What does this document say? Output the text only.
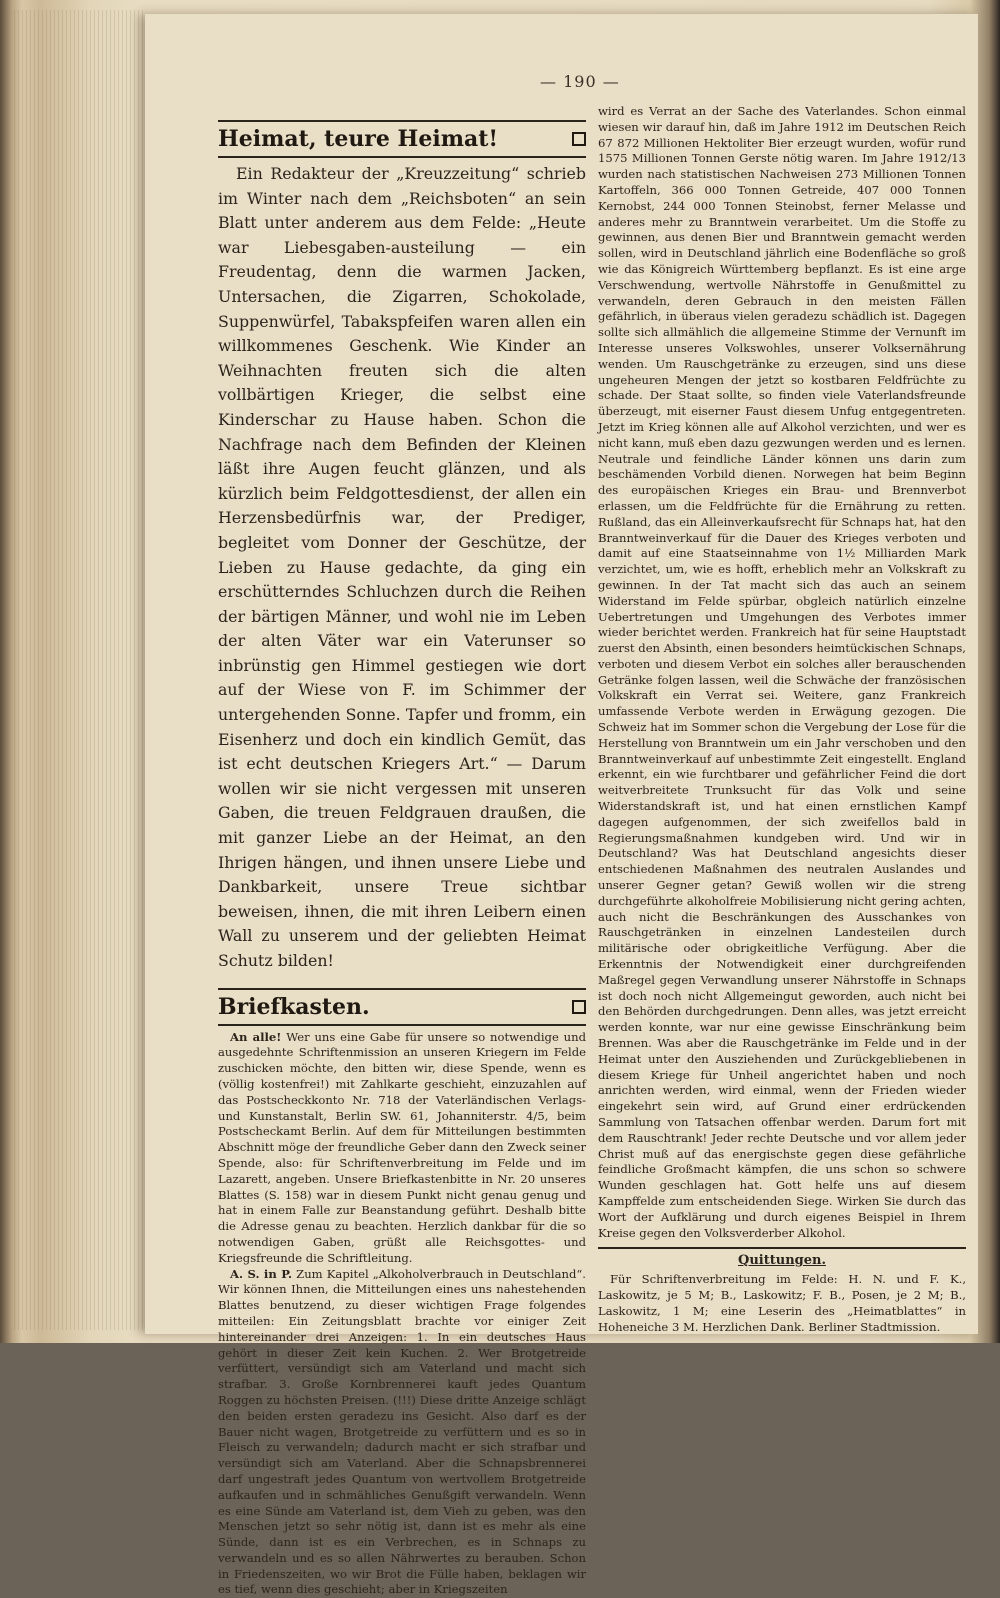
— 190 —
Heimat, teure Heimat!

Ein Redakteur der „Kreuzzeitung“ schrieb im Winter nach dem „Reichsboten“ an sein Blatt unter anderem aus dem Felde: „Heute war Liebesgaben-austeilung — ein Freudentag, denn die warmen Jacken, Untersachen, die Zigarren, Schokolade, Suppenwürfel, Tabakspfeifen waren allen ein willkommenes Geschenk. Wie Kinder an Weihnachten freuten sich die alten vollbärtigen Krieger, die selbst eine Kinderschar zu Hause haben. Schon die Nachfrage nach dem Befinden der Kleinen läßt ihre Augen feucht glänzen, und als kürzlich beim Feldgottesdienst, der allen ein Herzensbedürfnis war, der Prediger, begleitet vom Donner der Geschütze, der Lieben zu Hause gedachte, da ging ein erschütterndes Schluchzen durch die Reihen der bärtigen Männer, und wohl nie im Leben der alten Väter war ein Vaterunser so inbrünstig gen Himmel gestiegen wie dort auf der Wiese von F. im Schimmer der untergehenden Sonne. Tapfer und fromm, ein Eisenherz und doch ein kindlich Gemüt, das ist echt deutschen Kriegers Art.“ — Darum wollen wir sie nicht vergessen mit unseren Gaben, die treuen Feldgrauen draußen, die mit ganzer Liebe an der Heimat, an den Ihrigen hängen, und ihnen unsere Liebe und Dankbarkeit, unsere Treue sichtbar beweisen, ihnen, die mit ihren Leibern einen Wall zu unserem und der geliebten Heimat Schutz bilden!

Briefkasten.

An alle! Wer uns eine Gabe für unsere so notwendige und ausgedehnte Schriftenmission an unseren Kriegern im Felde zuschicken möchte, den bitten wir, diese Spende, wenn es (völlig kostenfrei!) mit Zahlkarte geschieht, einzuzahlen auf das Postscheckkonto Nr. 718 der Vaterländischen Verlags- und Kunstanstalt, Berlin SW. 61, Johanniterstr. 4/5, beim Postscheckamt Berlin. Auf dem für Mitteilungen bestimmten Abschnitt möge der freundliche Geber dann den Zweck seiner Spende, also: für Schriftenverbreitung im Felde und im Lazarett, angeben. Unsere Briefkastenbitte in Nr. 20 unseres Blattes (S. 158) war in diesem Punkt nicht genau genug und hat in einem Falle zur Beanstandung geführt. Deshalb bitte die Adresse genau zu beachten. Herzlich dankbar für die so notwendigen Gaben, grüßt alle Reichsgottes- und Kriegsfreunde die Schriftleitung.

A. S. in P. Zum Kapitel „Alkoholverbrauch in Deutschland“. Wir können Ihnen, die Mitteilungen eines uns nahestehenden Blattes benutzend, zu dieser wichtigen Frage folgendes mitteilen: Ein Zeitungsblatt brachte vor einiger Zeit hintereinander drei Anzeigen: 1. In ein deutsches Haus gehört in dieser Zeit kein Kuchen. 2. Wer Brotgetreide verfüttert, versündigt sich am Vaterland und macht sich strafbar. 3. Große Kornbrennerei kauft jedes Quantum Roggen zu höchsten Preisen. (!!!) Diese dritte Anzeige schlägt den beiden ersten geradezu ins Gesicht. Also darf es der Bauer nicht wagen, Brotgetreide zu verfüttern und es so in Fleisch zu verwandeln; dadurch macht er sich strafbar und versündigt sich am Vaterland. Aber die Schnapsbrennerei darf ungestraft jedes Quantum von wertvollem Brotgetreide aufkaufen und in schmähliches Genußgift verwandeln. Wenn es eine Sünde am Vaterland ist, dem Vieh zu geben, was den Menschen jetzt so sehr nötig ist, dann ist es mehr als eine Sünde, dann ist es ein Verbrechen, es in Schnaps zu verwandeln und es so allen Nährwertes zu berauben. Schon in Friedenszeiten, wo wir Brot die Fülle haben, beklagen wir es tief, wenn dies geschieht; aber in Kriegszeiten

wird es Verrat an der Sache des Vaterlandes. Schon einmal wiesen wir darauf hin, daß im Jahre 1912 im Deutschen Reich 67 872 Millionen Hektoliter Bier erzeugt wurden, wofür rund 1575 Millionen Tonnen Gerste nötig waren. Im Jahre 1912/13 wurden nach statistischen Nachweisen 273 Millionen Tonnen Kartoffeln, 366 000 Tonnen Getreide, 407 000 Tonnen Kernobst, 244 000 Tonnen Steinobst, ferner Melasse und anderes mehr zu Branntwein verarbeitet. Um die Stoffe zu gewinnen, aus denen Bier und Branntwein gemacht werden sollen, wird in Deutschland jährlich eine Bodenfläche so groß wie das Königreich Württemberg bepflanzt. Es ist eine arge Verschwendung, wertvolle Nährstoffe in Genußmittel zu verwandeln, deren Gebrauch in den meisten Fällen gefährlich, in überaus vielen geradezu schädlich ist. Dagegen sollte sich allmählich die allgemeine Stimme der Vernunft im Interesse unseres Volkswohles, unserer Volksernährung wenden. Um Rauschgetränke zu erzeugen, sind uns diese ungeheuren Mengen der jetzt so kostbaren Feldfrüchte zu schade. Der Staat sollte, so finden viele Vaterlandsfreunde überzeugt, mit eiserner Faust diesem Unfug entgegentreten. Jetzt im Krieg können alle auf Alkohol verzichten, und wer es nicht kann, muß eben dazu gezwungen werden und es lernen. Neutrale und feindliche Länder können uns darin zum beschämenden Vorbild dienen. Norwegen hat beim Beginn des europäischen Krieges ein Brau- und Brennverbot erlassen, um die Feldfrüchte für die Ernährung zu retten. Rußland, das ein Alleinverkaufsrecht für Schnaps hat, hat den Branntweinverkauf für die Dauer des Krieges verboten und damit auf eine Staatseinnahme von 1½ Milliarden Mark verzichtet, um, wie es hofft, erheblich mehr an Volkskraft zu gewinnen. In der Tat macht sich das auch an seinem Widerstand im Felde spürbar, obgleich natürlich einzelne Uebertretungen und Umgehungen des Verbotes immer wieder berichtet werden. Frankreich hat für seine Hauptstadt zuerst den Absinth, einen besonders heimtückischen Schnaps, verboten und diesem Verbot ein solches aller berauschenden Getränke folgen lassen, weil die Schwäche der französischen Volkskraft ein Verrat sei. Weitere, ganz Frankreich umfassende Verbote werden in Erwägung gezogen. Die Schweiz hat im Sommer schon die Vergebung der Lose für die Herstellung von Branntwein um ein Jahr verschoben und den Branntweinverkauf auf unbestimmte Zeit eingestellt. England erkennt, ein wie furchtbarer und gefährlicher Feind die dort weitverbreitete Trunksucht für das Volk und seine Widerstandskraft ist, und hat einen ernstlichen Kampf dagegen aufgenommen, der sich zweifellos bald in Regierungsmaßnahmen kundgeben wird. Und wir in Deutschland? Was hat Deutschland angesichts dieser entschiedenen Maßnahmen des neutralen Auslandes und unserer Gegner getan? Gewiß wollen wir die streng durchgeführte alkoholfreie Mobilisierung nicht gering achten, auch nicht die Beschränkungen des Ausschankes von Rauschgetränken in einzelnen Landesteilen durch militärische oder obrigkeitliche Verfügung. Aber die Erkenntnis der Notwendigkeit einer durchgreifenden Maßregel gegen Verwandlung unserer Nährstoffe in Schnaps ist doch noch nicht Allgemeingut geworden, auch nicht bei den Behörden durchgedrungen. Denn alles, was jetzt erreicht werden konnte, war nur eine gewisse Einschränkung beim Brennen. Was aber die Rauschgetränke im Felde und in der Heimat unter den Ausziehenden und Zurückgebliebenen in diesem Kriege für Unheil angerichtet haben und noch anrichten werden, wird einmal, wenn der Frieden wieder eingekehrt sein wird, auf Grund einer erdrückenden Sammlung von Tatsachen offenbar werden. Darum fort mit dem Rauschtrank! Jeder rechte Deutsche und vor allem jeder Christ muß auf das energischste gegen diese gefährliche feindliche Großmacht kämpfen, die uns schon so schwere Wunden geschlagen hat. Gott helfe uns auf diesem Kampffelde zum entscheidenden Siege. Wirken Sie durch das Wort der Aufklärung und durch eigenes Beispiel in Ihrem Kreise gegen den Volksverderber Alkohol.

Quittungen.

Für Schriftenverbreitung im Felde: H. N. und F. K., Laskowitz, je 5 M; B., Laskowitz; F. B., Posen, je 2 M; B., Laskowitz, 1 M; eine Leserin des „Heimatblattes“ in Hoheneiche 3 M. Herzlichen Dank. Berliner Stadtmission.
